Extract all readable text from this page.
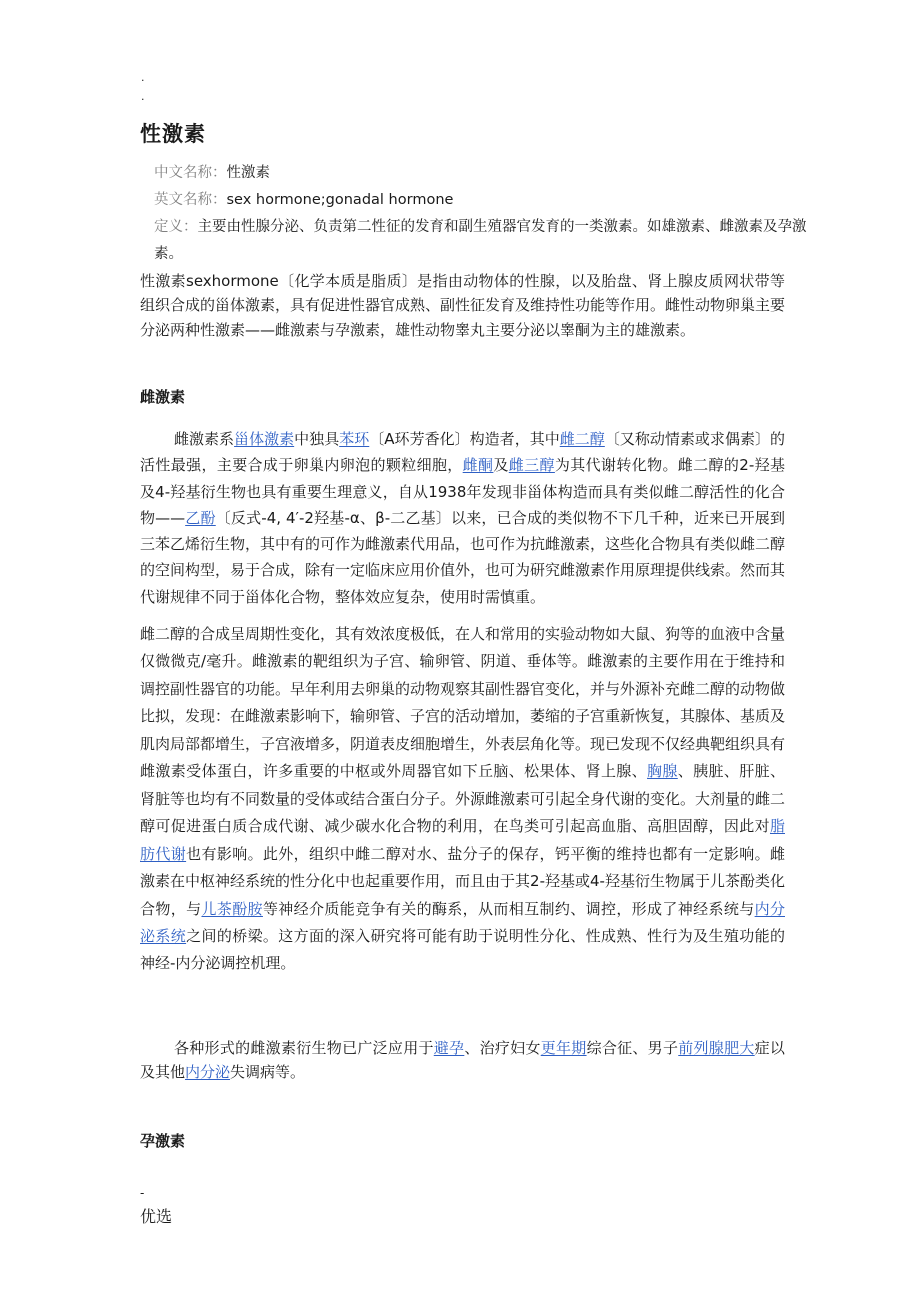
.
.
性激素
中文名称：性激素
英文名称：sex hormone;gonadal hormone
定义：主要由性腺分泌、负责第二性征的发育和副生殖器官发育的一类激素。如雄激素、雌激素及孕激素。

性激素sexhormone〔化学本质是脂质〕是指由动物体的性腺，以及胎盘、肾上腺皮质网状带等组织合成的甾体激素，具有促进性器官成熟、副性征发育及维持性功能等作用。雌性动物卵巢主要分泌两种性激素——雌激素与孕激素，雄性动物睾丸主要分泌以睾酮为主的雄激素。

雌激素

雌激素系甾体激素中独具苯环〔A环芳香化〕构造者，其中雌二醇〔又称动情素或求偶素〕的活性最强，主要合成于卵巢内卵泡的颗粒细胞，雌酮及雌三醇为其代谢转化物。雌二醇的2-羟基及4-羟基衍生物也具有重要生理意义，自从1938年发现非甾体构造而具有类似雌二醇活性的化合物——乙酚〔反式-4, 4′-2羟基-α、β-二乙基〕以来，已合成的类似物不下几千种，近来已开展到三苯乙烯衍生物，其中有的可作为雌激素代用品，也可作为抗雌激素，这些化合物具有类似雌二醇的空间构型，易于合成，除有一定临床应用价值外，也可为研究雌激素作用原理提供线索。然而其代谢规律不同于甾体化合物，整体效应复杂，使用时需慎重。

雌二醇的合成呈周期性变化，其有效浓度极低，在人和常用的实验动物如大鼠、狗等的血液中含量仅微微克/毫升。雌激素的靶组织为子宫、输卵管、阴道、垂体等。雌激素的主要作用在于维持和调控副性器官的功能。早年利用去卵巢的动物观察其副性器官变化，并与外源补充雌二醇的动物做比拟，发现：在雌激素影响下，输卵管、子宫的活动增加，萎缩的子宫重新恢复，其腺体、基质及肌肉局部都增生，子宫液增多，阴道表皮细胞增生，外表层角化等。现已发现不仅经典靶组织具有雌激素受体蛋白，许多重要的中枢或外周器官如下丘脑、松果体、肾上腺、胸腺、胰脏、肝脏、肾脏等也均有不同数量的受体或结合蛋白分子。外源雌激素可引起全身代谢的变化。大剂量的雌二醇可促进蛋白质合成代谢、减少碳水化合物的利用，在鸟类可引起高血脂、高胆固醇，因此对脂肪代谢也有影响。此外，组织中雌二醇对水、盐分子的保存，钙平衡的维持也都有一定影响。雌激素在中枢神经系统的性分化中也起重要作用，而且由于其2-羟基或4-羟基衍生物属于儿茶酚类化合物，与儿茶酚胺等神经介质能竞争有关的酶系，从而相互制约、调控，形成了神经系统与内分泌系统之间的桥梁。这方面的深入研究将可能有助于说明性分化、性成熟、性行为及生殖功能的神经-内分泌调控机理。

各种形式的雌激素衍生物已广泛应用于避孕、治疗妇女更年期综合征、男子前列腺肥大症以及其他内分泌失调病等。

孕激素
-
优选
